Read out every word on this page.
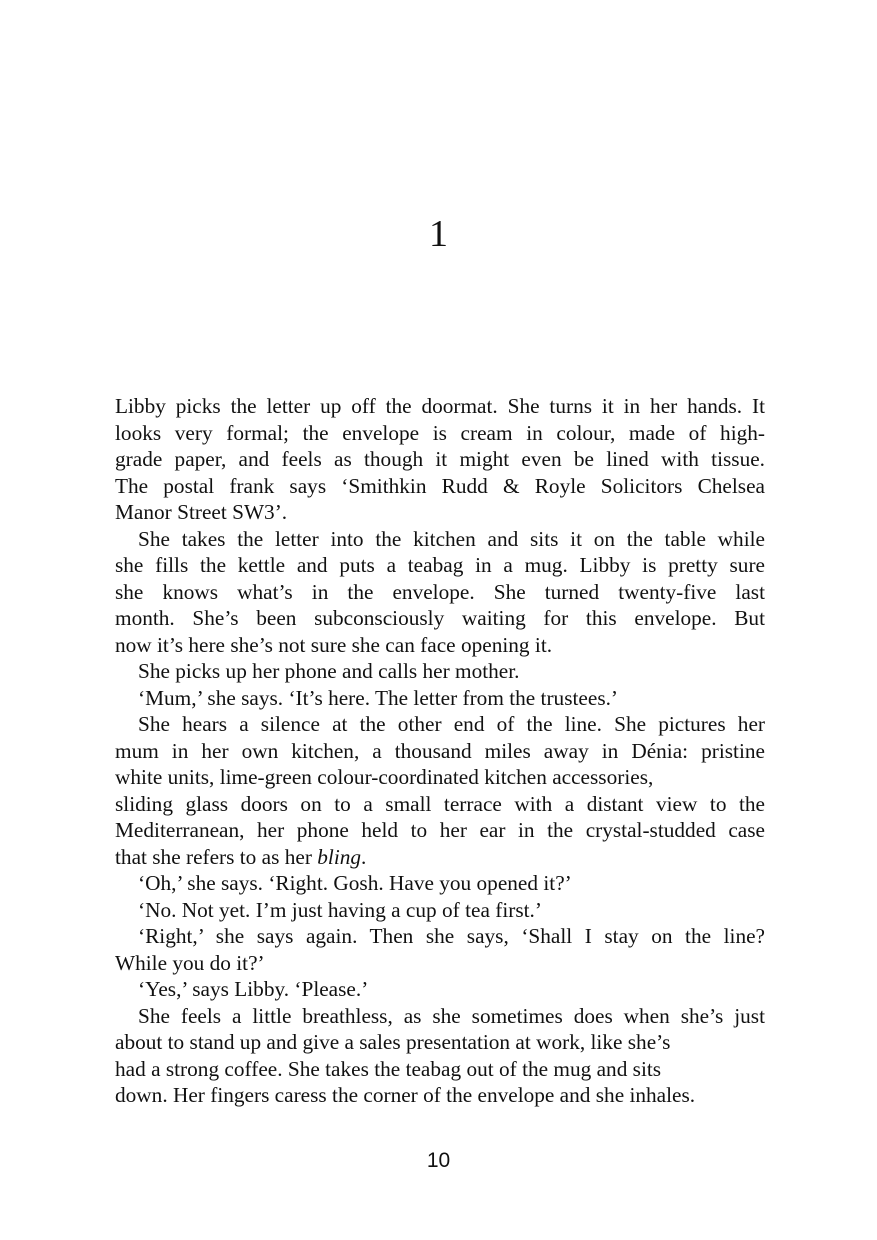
1
Libby picks the letter up off the doormat. She turns it in her hands. It
looks very formal; the envelope is cream in colour, made of high-
grade paper, and feels as though it might even be lined with tissue.
The postal frank says ‘Smithkin Rudd & Royle Solicitors Chelsea
Manor Street SW3’.
She takes the letter into the kitchen and sits it on the table while
she fills the kettle and puts a teabag in a mug. Libby is pretty sure
she knows what’s in the envelope. She turned twenty-five last
month. She’s been subconsciously waiting for this envelope. But
now it’s here she’s not sure she can face opening it.
She picks up her phone and calls her mother.
‘Mum,’ she says. ‘It’s here. The letter from the trustees.’
She hears a silence at the other end of the line. She pictures her
mum in her own kitchen, a thousand miles away in Dénia: pristine
white units, lime-green colour-coordinated kitchen accessories,
sliding glass doors on to a small terrace with a distant view to the
Mediterranean, her phone held to her ear in the crystal-studded case
that she refers to as her bling.
‘Oh,’ she says. ‘Right. Gosh. Have you opened it?’
‘No. Not yet. I’m just having a cup of tea first.’
‘Right,’ she says again. Then she says, ‘Shall I stay on the line?
While you do it?’
‘Yes,’ says Libby. ‘Please.’
She feels a little breathless, as she sometimes does when she’s just
about to stand up and give a sales presentation at work, like she’s
had a strong coffee. She takes the teabag out of the mug and sits
down. Her fingers caress the corner of the envelope and she inhales.
10
